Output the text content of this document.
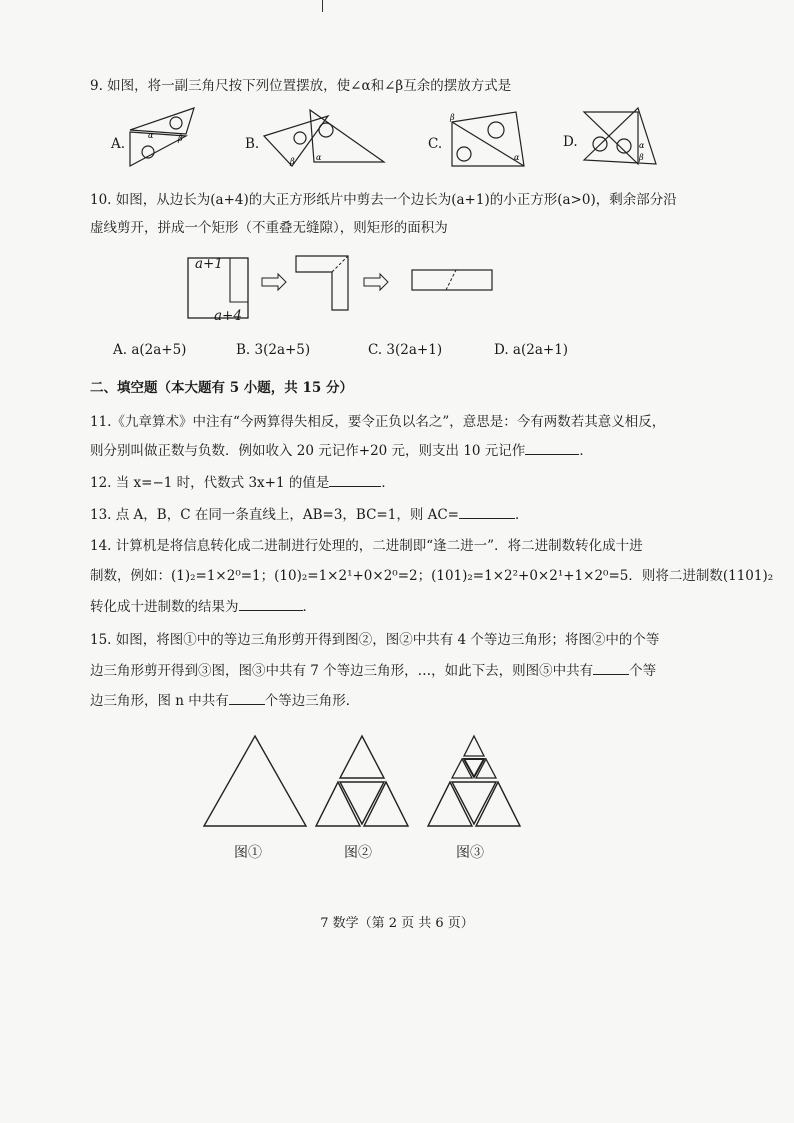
9. 如图，将一副三角尺按下列位置摆放，使∠α和∠β互余的摆放方式是
A.
α	β	B.
α
β
C.
β
α
D.	α
β
10. 如图，从边长为(a+4)的大正方形纸片中剪去一个边长为(a+1)的小正方形(a>0)，剩余部分沿
虚线剪开，拼成一个矩形（不重叠无缝隙），则矩形的面积为
a+1
a+4
A. a(2a+5)	B. 3(2a+5)	C. 3(2a+1)	D. a(2a+1)
二、填空题（本大题有 5 小题，共 15 分）
11.《九章算术》中注有“今两算得失相反，要令正负以名之”，意思是：今有两数若其意义相反，
则分别叫做正数与负数．例如收入 20 元记作+20 元，则支出 10 元记作	．
12. 当 x=−1 时，代数式 3x+1 的值是	．
13. 点 A，B，C 在同一条直线上，AB=3，BC=1，则 AC=	．
14. 计算机是将信息转化成二进制进行处理的，二进制即“逢二进一”．将二进制数转化成十进
制数，例如：(1)₂=1×2⁰=1；(10)₂=1×2¹+0×2⁰=2；(101)₂=1×2²+0×2¹+1×2⁰=5．则将二进制数(1101)₂
转化成十进制数的结果为	．
15. 如图，将图①中的等边三角形剪开得到图②，图②中共有 4 个等边三角形；将图②中的个等
边三角形剪开得到③图，图③中共有 7 个等边三角形，…，如此下去，则图⑤中共有	个等
边三角形，图 n 中共有	个等边三角形．
图①	图②	图③
7 数学（第 2 页 共 6 页）
